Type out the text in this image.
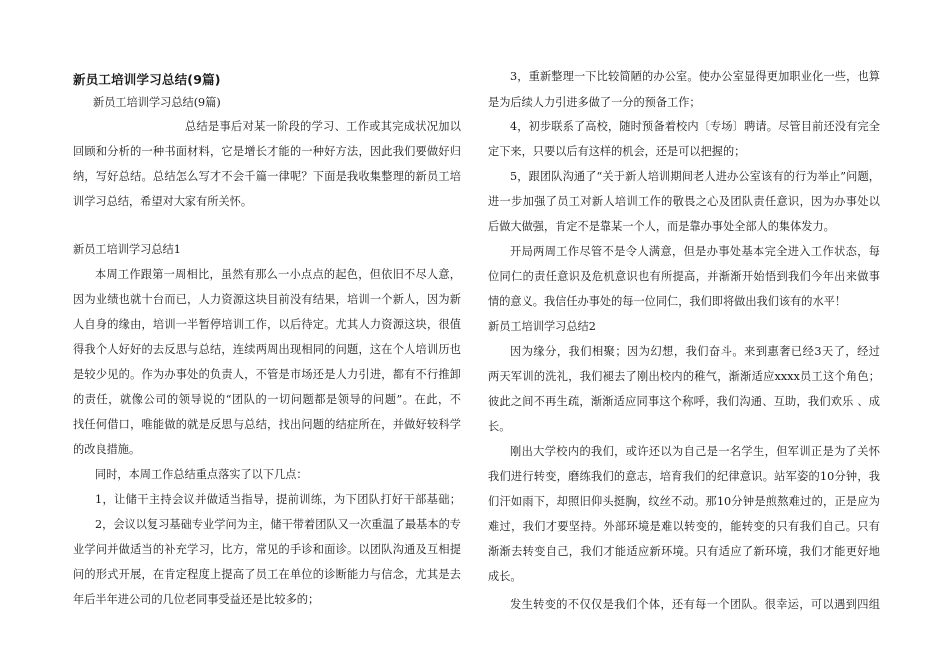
新员工培训学习总结(9篇)
新员工培训学习总结(9篇)
总结是事后对某一阶段的学习、工作或其完成状况加以
回顾和分析的一种书面材料，它是增长才能的一种好方法，因此我们要做好归
纳，写好总结。总结怎么写才不会千篇一律呢？下面是我收集整理的新员工培
训学习总结，希望对大家有所关怀。
新员工培训学习总结1
本周工作跟第一周相比，虽然有那么一小点点的起色，但依旧不尽人意，
因为业绩也就十台而已，人力资源这块目前没有结果，培训一个新人，因为新
人自身的缘由，培训一半暂停培训工作，以后待定。尤其人力资源这块，很值
得我个人好好的去反思与总结，连续两周出现相同的问题，这在个人培训历也
是较少见的。作为办事处的负责人，不管是市场还是人力引进，都有不行推卸
的责任，就像公司的领导说的“团队的一切问题都是领导的问题”。在此，不
找任何借口，唯能做的就是反思与总结，找出问题的结症所在，并做好较科学
的改良措施。
同时，本周工作总结重点落实了以下几点：
1，让储干主持会议并做适当指导，提前训练，为下团队打好干部基础；
2，会议以复习基础专业学问为主，储干带着团队又一次重温了最基本的专
业学问并做适当的补充学习，比方，常见的手诊和面诊。以团队沟通及互相提
问的形式开展，在肯定程度上提高了员工在单位的诊断能力与信念，尤其是去
年后半年进公司的几位老同事受益还是比较多的；
3，重新整理一下比较简陋的办公室。使办公室显得更加职业化一些，也算
是为后续人力引进多做了一分的预备工作；
4，初步联系了高校，随时预备着校内〔专场〕聘请。尽管目前还没有完全
定下来，只要以后有这样的机会，还是可以把握的；
5，跟团队沟通了“关于新人培训期间老人进办公室该有的行为举止”问题，
进一步加强了员工对新人培训工作的敬畏之心及团队责任意识，因为办事处以
后做大做强，肯定不是靠某一个人，而是靠办事处全部人的集体发力。
开局两周工作尽管不是令人满意，但是办事处基本完全进入工作状态，每
位同仁的责任意识及危机意识也有所提高，并渐渐开始悟到我们今年出来做事
情的意义。我信任办事处的每一位同仁，我们即将做出我们该有的水平！
新员工培训学习总结2
因为缘分，我们相聚；因为幻想，我们奋斗。来到惠奢已经3天了，经过
两天军训的洗礼，我们褪去了刚出校内的稚气，渐渐适应xxxx员工这个角色；
彼此之间不再生疏，渐渐适应同事这个称呼，我们沟通、互助，我们欢乐 、成
长。
刚出大学校内的我们，或许还以为自己是一名学生，但军训正是为了关怀
我们进行转变，磨练我们的意志，培育我们的纪律意识。站军姿的10分钟，我
们汗如雨下，却照旧仰头挺胸，纹丝不动。那10分钟是煎熬难过的，正是应为
难过，我们才要坚持。外部环境是难以转变的，能转变的只有我们自己。只有
渐渐去转变自己，我们才能适应新环境。只有适应了新环境，我们才能更好地
成长。
发生转变的不仅仅是我们个体，还有每一个团队。很幸运，可以遇到四组
